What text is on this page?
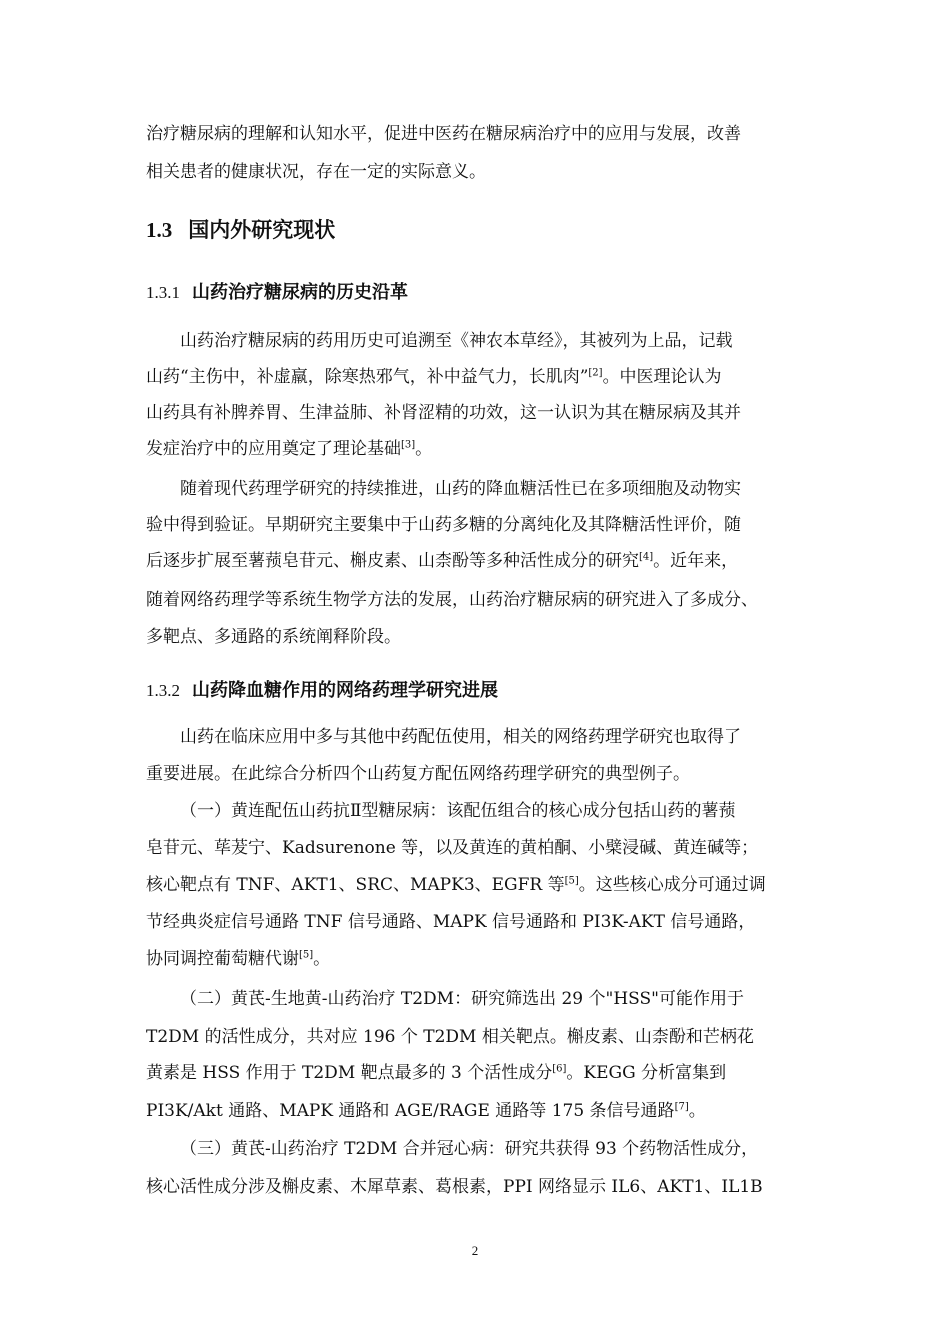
治疗糖尿病的理解和认知水平，促进中医药在糖尿病治疗中的应用与发展，改善
相关患者的健康状况，存在一定的实际意义。
1.3 国内外研究现状
1.3.1 山药治疗糖尿病的历史沿革
山药治疗糖尿病的药用历史可追溯至《神农本草经》，其被列为上品，记载
山药“主伤中，补虚羸，除寒热邪气，补中益气力，长肌肉”[2]。中医理论认为
山药具有补脾养胃、生津益肺、补肾涩精的功效，这一认识为其在糖尿病及其并
发症治疗中的应用奠定了理论基础[3]。
随着现代药理学研究的持续推进，山药的降血糖活性已在多项细胞及动物实
验中得到验证。早期研究主要集中于山药多糖的分离纯化及其降糖活性评价，随
后逐步扩展至薯蓣皂苷元、槲皮素、山柰酚等多种活性成分的研究[4]。近年来，
随着网络药理学等系统生物学方法的发展，山药治疗糖尿病的研究进入了多成分、
多靶点、多通路的系统阐释阶段。
1.3.2 山药降血糖作用的网络药理学研究进展
山药在临床应用中多与其他中药配伍使用，相关的网络药理学研究也取得了
重要进展。在此综合分析四个山药复方配伍网络药理学研究的典型例子。
（一）黄连配伍山药抗Ⅱ型糖尿病：该配伍组合的核心成分包括山药的薯蓣
皂苷元、荜茇宁、Kadsurenone 等，以及黄连的黄柏酮、小檗浸碱、黄连碱等；
核心靶点有 TNF、AKT1、SRC、MAPK3、EGFR 等[5]。这些核心成分可通过调
节经典炎症信号通路 TNF 信号通路、MAPK 信号通路和 PI3K-AKT 信号通路，
协同调控葡萄糖代谢[5]。
（二）黄芪-生地黄-山药治疗 T2DM：研究筛选出 29 个"HSS"可能作用于
T2DM 的活性成分，共对应 196 个 T2DM 相关靶点。槲皮素、山柰酚和芒柄花
黄素是 HSS 作用于 T2DM 靶点最多的 3 个活性成分[6]。KEGG 分析富集到
PI3K/Akt 通路、MAPK 通路和 AGE/RAGE 通路等 175 条信号通路[7]。
（三）黄芪-山药治疗 T2DM 合并冠心病：研究共获得 93 个药物活性成分，
核心活性成分涉及槲皮素、木犀草素、葛根素，PPI 网络显示 IL6、AKT1、IL1B
2
